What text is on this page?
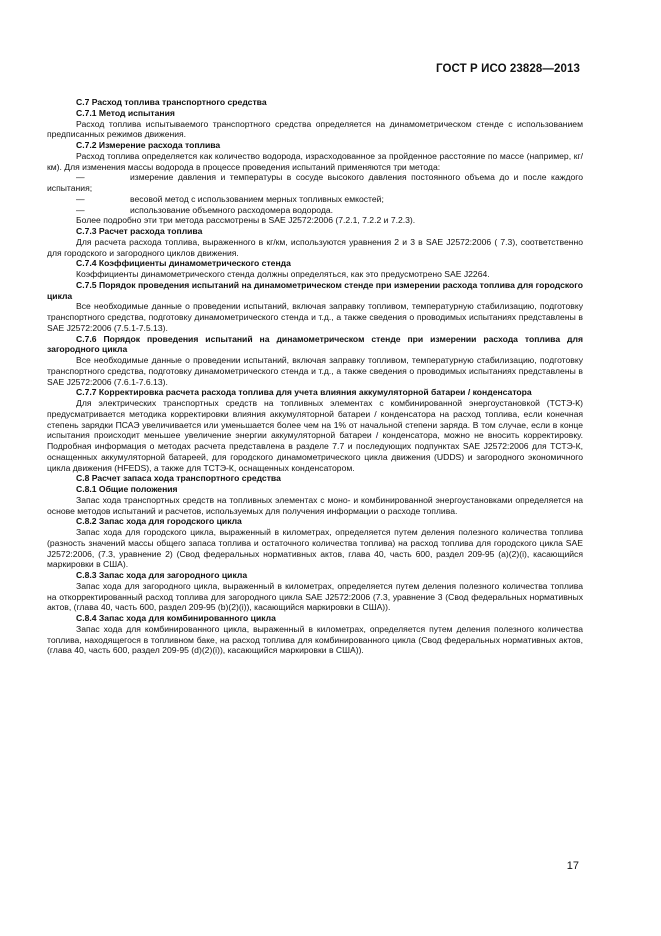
ГОСТ Р ИСО 23828—2013
С.7 Расход топлива транспортного средства
С.7.1 Метод испытания
Расход топлива испытываемого транспортного средства определяется на динамометрическом стенде с использованием предписанных режимов движения.
С.7.2 Измерение расхода топлива
Расход топлива определяется как количество водорода, израсходованное за пройденное расстояние по массе (например, кг/км). Для изменения массы водорода в процессе проведения испытаний применяются три метода:
—	измерение давления и температуры в сосуде высокого давления постоянного объема до и после каждого испытания;
—	весовой метод с использованием мерных топливных емкостей;
—	использование объемного расходомера водорода.
Более подробно эти три метода рассмотрены в SAE J2572:2006 (7.2.1, 7.2.2 и 7.2.3).
С.7.3 Расчет расхода топлива
Для расчета расхода топлива, выраженного в кг/км, используются уравнения 2 и 3 в SAE J2572:2006 ( 7.3), соответственно для городского и загородного циклов движения.
С.7.4 Коэффициенты динамометрического стенда
Коэффициенты динамометрического стенда должны определяться, как это предусмотрено SAE J2264.
С.7.5 Порядок проведения испытаний на динамометрическом стенде при измерении расхода топлива для городского цикла
Все необходимые данные о проведении испытаний, включая заправку топливом, температурную стабилизацию, подготовку транспортного средства, подготовку динамометрического стенда и т.д., а также сведения о проводимых испытаниях представлены в SAE J2572:2006 (7.5.1-7.5.13).
С.7.6 Порядок проведения испытаний на динамометрическом стенде при измерении расхода топлива для загородного цикла
Все необходимые данные о проведении испытаний, включая заправку топливом, температурную стабилизацию, подготовку транспортного средства, подготовку динамометрического стенда и т.д., а также сведения о проводимых испытаниях представлены в SAE J2572:2006 (7.6.1-7.6.13).
С.7.7 Корректировка расчета расхода топлива для учета влияния аккумуляторной батареи / конденсатора
Для электрических транспортных средств на топливных элементах с комбинированной энергоустановкой (ТСТЭ-К) предусматривается методика корректировки влияния аккумуляторной батареи / конденсатора на расход топлива, если конечная степень зарядки ПСАЭ увеличивается или уменьшается более чем на 1% от начальной степени заряда. В том случае, если в конце испытания происходит меньшее увеличение энергии аккумуляторной батареи / конденсатора, можно не вносить корректировку. Подробная информация о методах расчета представлена в разделе 7.7 и последующих подпунктах SAE J2572:2006 для ТСТЭ-К, оснащенных аккумуляторной батареей, для городского динамометрического цикла движения (UDDS) и загородного экономичного цикла движения (HFEDS), а также для ТСТЭ-К, оснащенных конденсатором.
С.8 Расчет запаса хода транспортного средства
С.8.1 Общие положения
Запас хода транспортных средств на топливных элементах с моно- и комбинированной энергоустановками определяется на основе методов испытаний и расчетов, используемых для получения информации о расходе топлива.
С.8.2 Запас хода для городского цикла
Запас хода для городского цикла, выраженный в километрах, определяется путем деления полезного количества топлива (разность значений массы общего запаса топлива и остаточного количества топлива) на расход топлива для городского цикла SAE J2572:2006, (7.3, уравнение 2) (Свод федеральных нормативных актов, глава 40, часть 600, раздел 209-95 (a)(2)(i), касающийся маркировки в США).
С.8.3 Запас хода для загородного цикла
Запас хода для загородного цикла, выраженный в километрах, определяется путем деления полезного количества топлива на откорректированный расход топлива для загородного цикла SAE J2572:2006 (7.3, уравнение 3 (Свод федеральных нормативных актов, (глава 40, часть 600, раздел 209-95 (b)(2)(i)), касающийся маркировки в США)).
С.8.4 Запас хода для комбинированного цикла
Запас хода для комбинированного цикла, выраженный в километрах, определяется путем деления полезного количества топлива, находящегося в топливном баке, на расход топлива для комбинированного цикла (Свод федеральных нормативных актов, (глава 40, часть 600, раздел 209-95 (d)(2)(i)), касающийся маркировки в США)).
17
